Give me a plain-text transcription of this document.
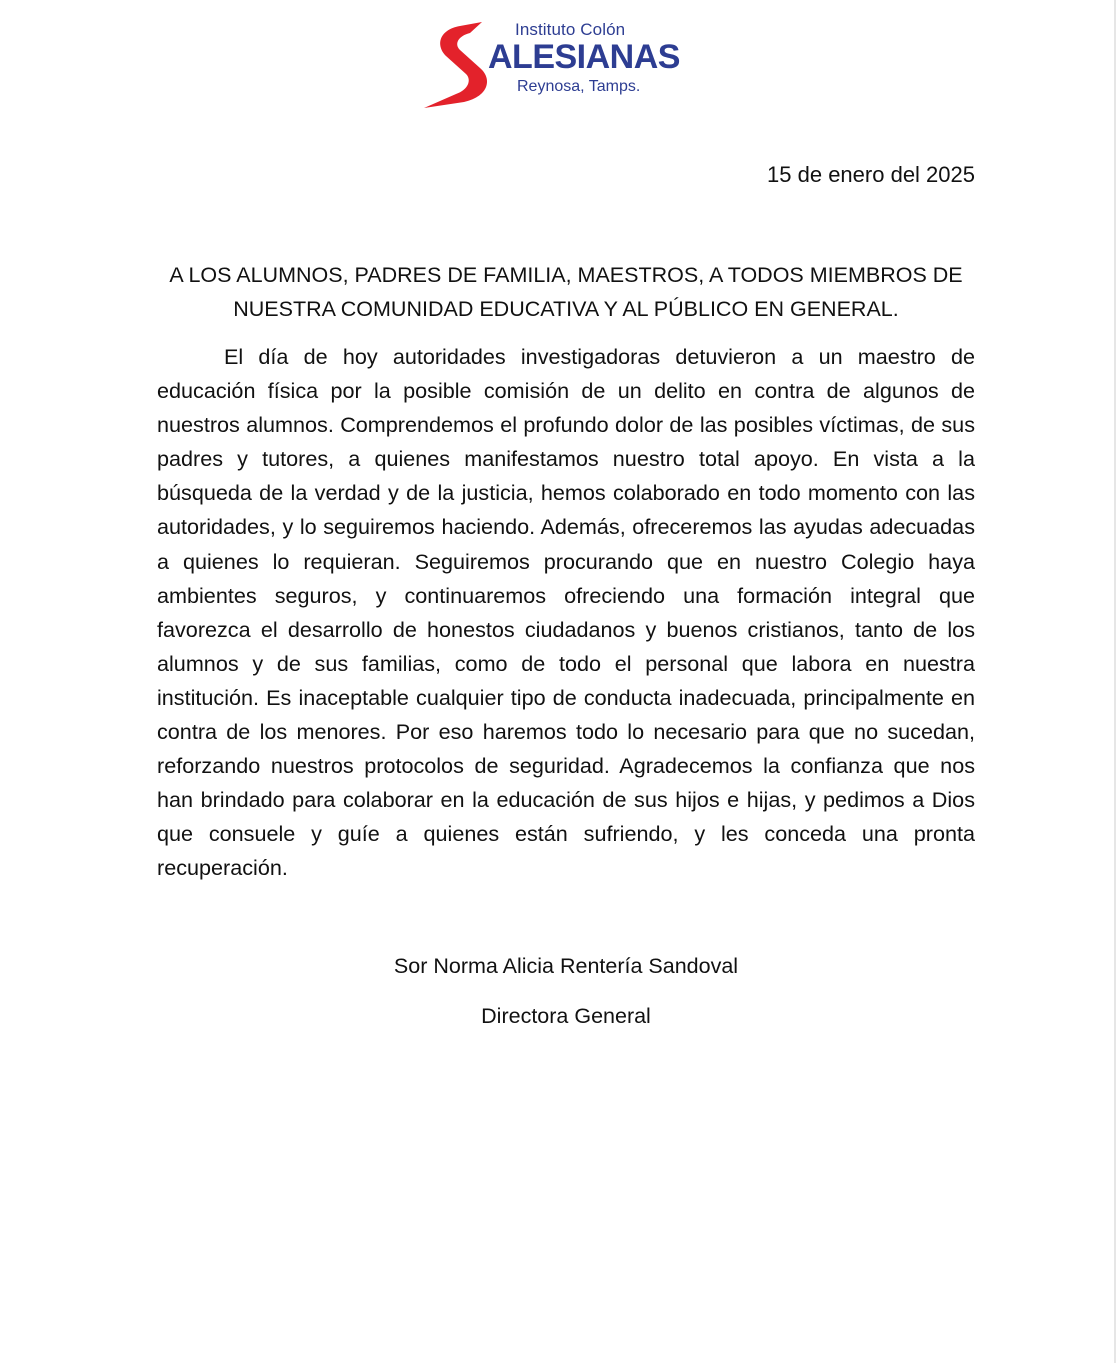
Instituto Colón
ALESIANAS
Reynosa, Tamps.
15 de enero del 2025
A LOS ALUMNOS, PADRES DE FAMILIA, MAESTROS, A TODOS MIEMBROS DE NUESTRA COMUNIDAD EDUCATIVA Y AL PÚBLICO EN GENERAL.

El día de hoy autoridades investigadoras detuvieron a un maestro de educación física por la posible comisión de un delito en contra de algunos de nuestros alumnos. Comprendemos el profundo dolor de las posibles víctimas, de sus padres y tutores, a quienes manifestamos nuestro total apoyo. En vista a la búsqueda de la verdad y de la justicia, hemos colaborado en todo momento con las autoridades, y lo seguiremos haciendo. Además, ofreceremos las ayudas adecuadas a quienes lo requieran. Seguiremos procurando que en nuestro Colegio haya ambientes seguros, y continuaremos ofreciendo una formación integral que favorezca el desarrollo de honestos ciudadanos y buenos cristianos, tanto de los alumnos y de sus familias, como de todo el personal que labora en nuestra institución. Es inaceptable cualquier tipo de conducta inadecuada, principalmente en contra de los menores. Por eso haremos todo lo necesario para que no sucedan, reforzando nuestros protocolos de seguridad. Agradecemos la confianza que nos han brindado para colaborar en la educación de sus hijos e hijas, y pedimos a Dios que consuele y guíe a quienes están sufriendo, y les conceda una pronta recuperación.

Sor Norma Alicia Rentería Sandoval
Directora General
